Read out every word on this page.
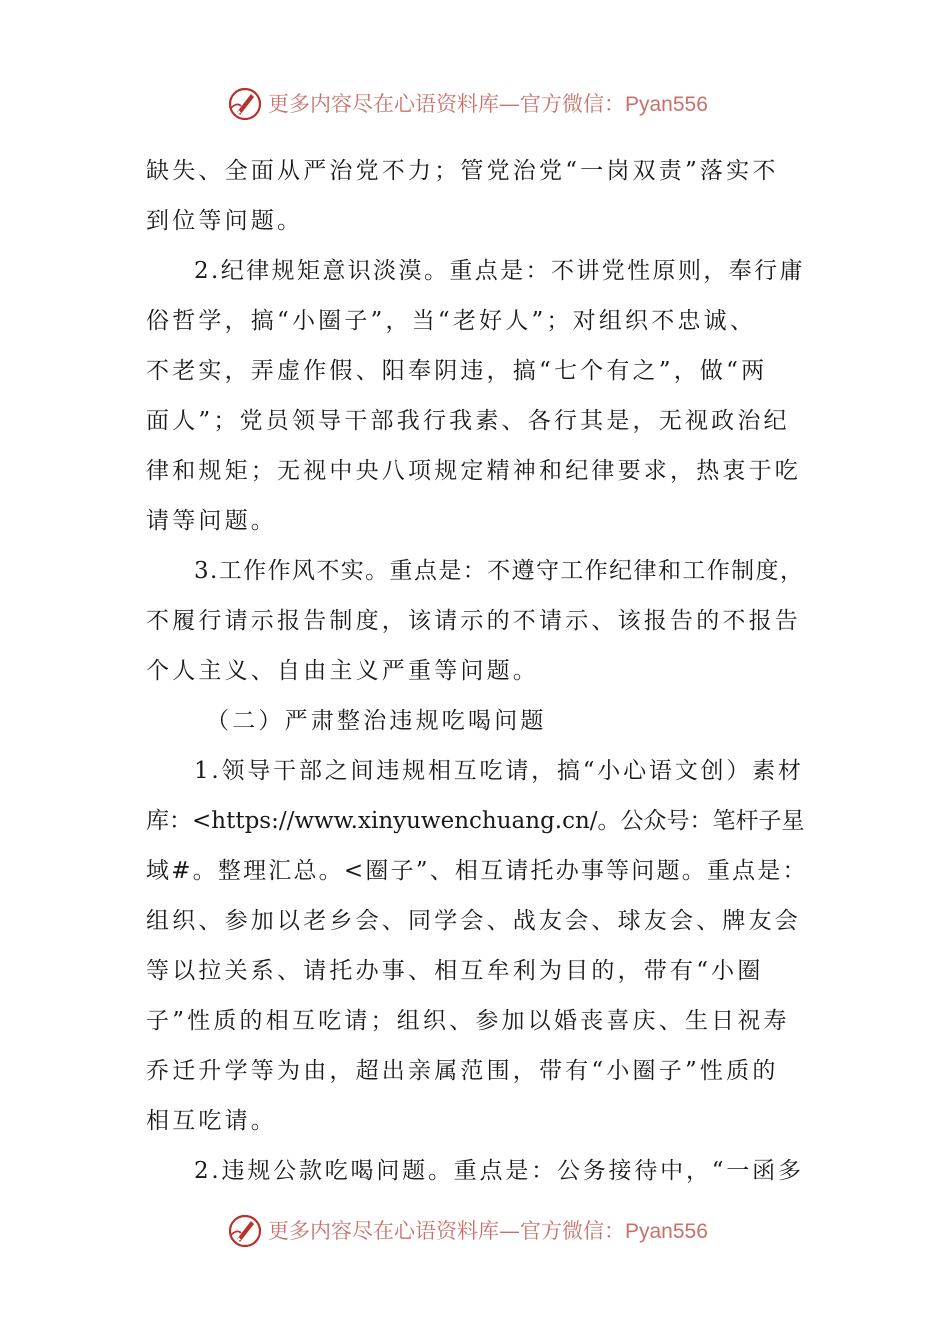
更多内容尽在心语资料库—官方微信：Pyan556
缺失、全面从严治党不力；管党治党“一岗双责”落实不
到位等问题。
2.纪律规矩意识淡漠。重点是：不讲党性原则，奉行庸
俗哲学，搞“小圈子”，当“老好人”；对组织不忠诚、
不老实，弄虚作假、阳奉阴违，搞“七个有之”，做“两
面人”；党员领导干部我行我素、各行其是，无视政治纪
律和规矩；无视中央八项规定精神和纪律要求，热衷于吃
请等问题。
3.工作作风不实。重点是：不遵守工作纪律和工作制度，
不履行请示报告制度，该请示的不请示、该报告的不报告
个人主义、自由主义严重等问题。
（二）严肃整治违规吃喝问题
1.领导干部之间违规相互吃请，搞“小心语文创）素材
库：<https://www.xinyuwenchuang.cn/。公众号：笔杆子星
域#。整理汇总。<圈子”、相互请托办事等问题。重点是：
组织、参加以老乡会、同学会、战友会、球友会、牌友会
等以拉关系、请托办事、相互牟利为目的，带有“小圈
子”性质的相互吃请；组织、参加以婚丧喜庆、生日祝寿
乔迁升学等为由，超出亲属范围，带有“小圈子”性质的
相互吃请。
2.违规公款吃喝问题。重点是：公务接待中，“一函多
更多内容尽在心语资料库—官方微信：Pyan556
